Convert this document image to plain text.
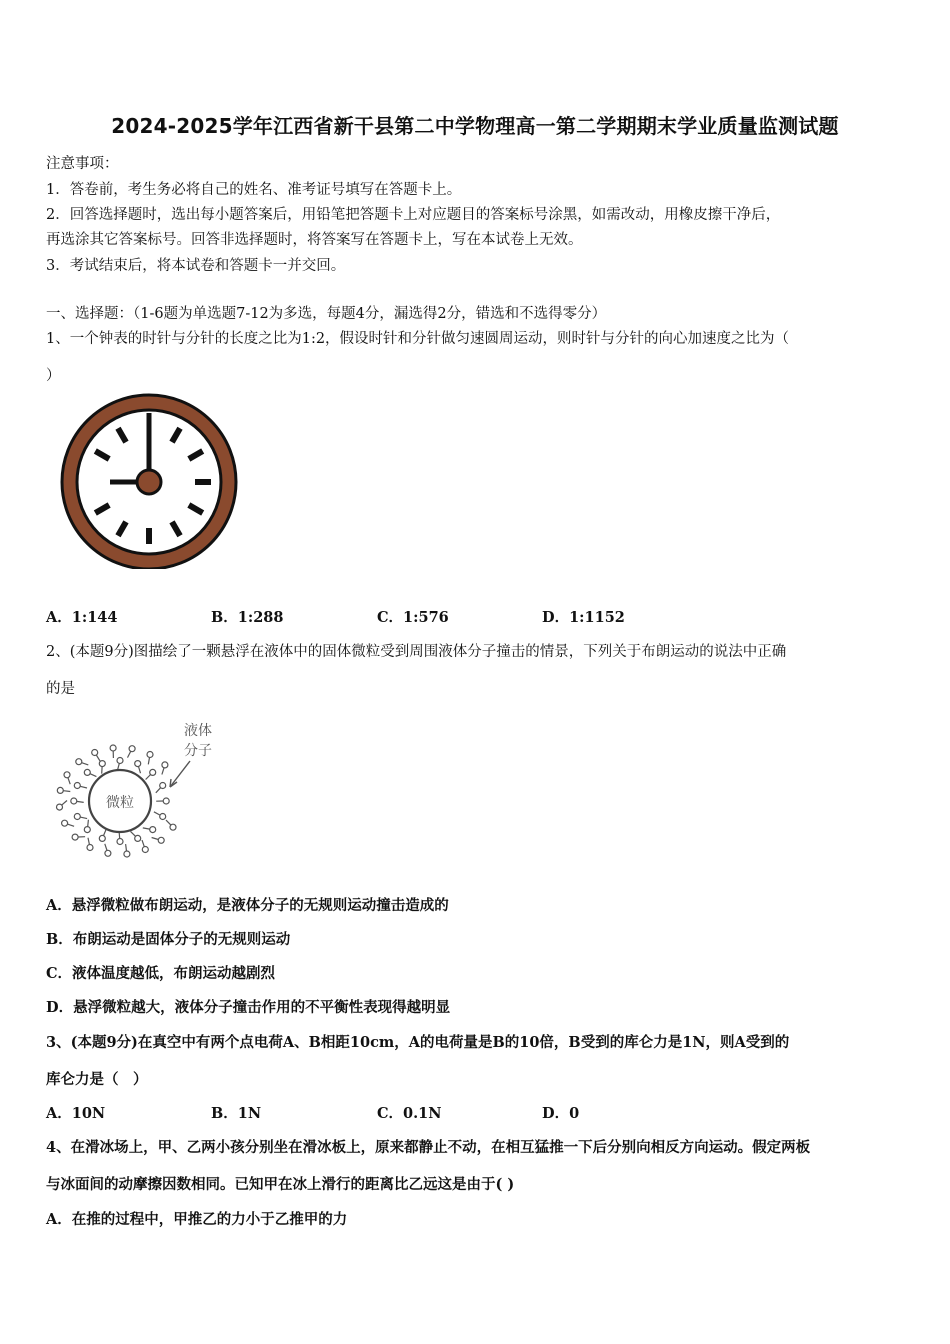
2024-2025学年江西省新干县第二中学物理高一第二学期期末学业质量监测试题
注意事项：
1．答卷前，考生务必将自己的姓名、准考证号填写在答题卡上。
2．回答选择题时，选出每小题答案后，用铅笔把答题卡上对应题目的答案标号涂黑，如需改动，用橡皮擦干净后，
再选涂其它答案标号。回答非选择题时，将答案写在答题卡上，写在本试卷上无效。
3．考试结束后，将本试卷和答题卡一并交回。
一、选择题：（1-6题为单选题7-12为多选，每题4分，漏选得2分，错选和不选得零分）
1、一个钟表的时针与分针的长度之比为1:2，假设时针和分针做匀速圆周运动，则时针与分针的向心加速度之比为（
）
A．1:144	B．1:288	C．1:576	D．1:1152
2、(本题9分)图描绘了一颗悬浮在液体中的固体微粒受到周围液体分子撞击的情景，下列关于布朗运动的说法中正确
的是
微粒
液体
分子
A．悬浮微粒做布朗运动，是液体分子的无规则运动撞击造成的
B．布朗运动是固体分子的无规则运动
C．液体温度越低，布朗运动越剧烈
D．悬浮微粒越大，液体分子撞击作用的不平衡性表现得越明显
3、(本题9分)在真空中有两个点电荷A、B相距10cm，A的电荷量是B的10倍，B受到的库仑力是1N，则A受到的
库仑力是（　）
A．10N	B．1N	C．0.1N	D．0
4、在滑冰场上，甲、乙两小孩分别坐在滑冰板上，原来都静止不动，在相互猛推一下后分别向相反方向运动。假定两板
与冰面间的动摩擦因数相同。已知甲在冰上滑行的距离比乙远这是由于( )
A．在推的过程中，甲推乙的力小于乙推甲的力
